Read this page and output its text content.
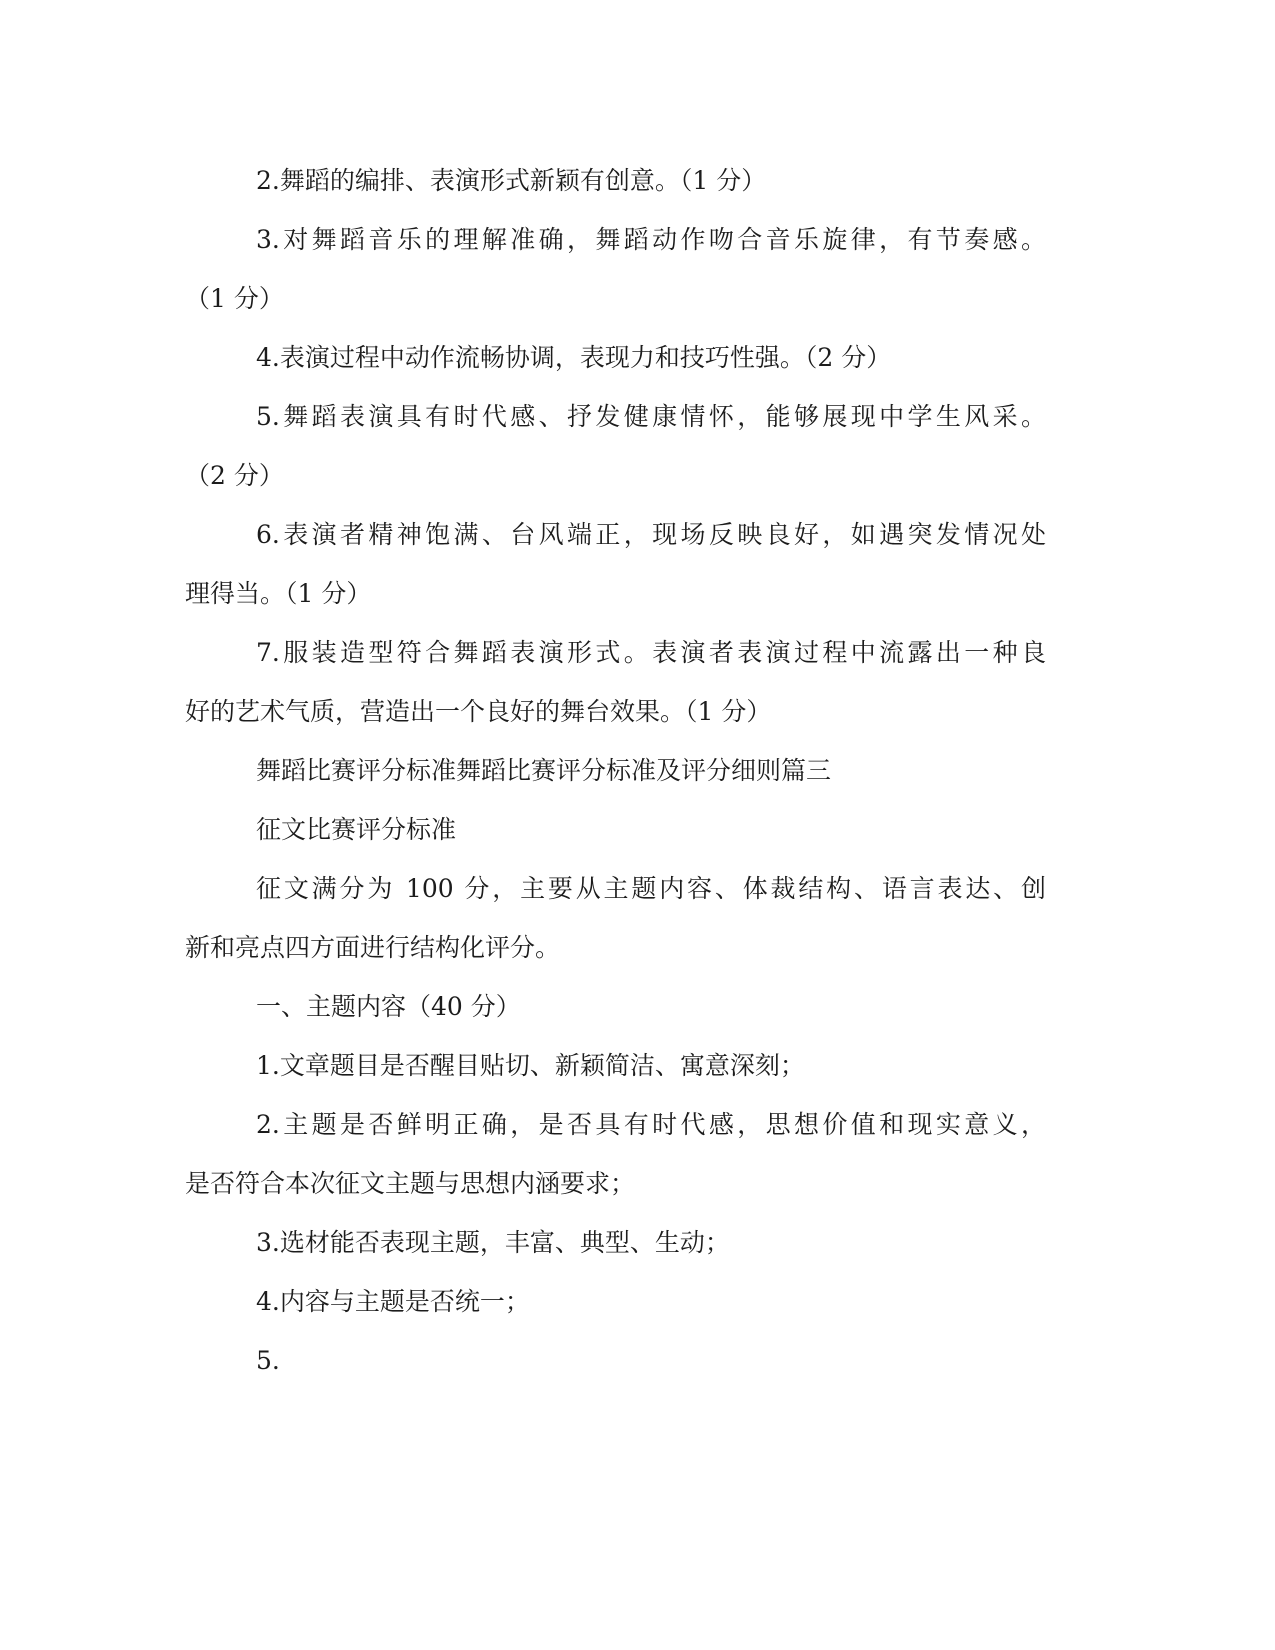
2.舞蹈的编排、表演形式新颖有创意。（1 分）
3.对舞蹈音乐的理解准确，舞蹈动作吻合音乐旋律，有节奏感。
（1 分）
4.表演过程中动作流畅协调，表现力和技巧性强。（2 分）
5.舞蹈表演具有时代感、抒发健康情怀，能够展现中学生风采。
（2 分）
6.表演者精神饱满、台风端正，现场反映良好，如遇突发情况处
理得当。（1 分）
7.服装造型符合舞蹈表演形式。表演者表演过程中流露出一种良
好的艺术气质，营造出一个良好的舞台效果。（1 分）
舞蹈比赛评分标准舞蹈比赛评分标准及评分细则篇三
征文比赛评分标准
征文满分为 100 分，主要从主题内容、体裁结构、语言表达、创
新和亮点四方面进行结构化评分。
一、主题内容（40 分）
1.文章题目是否醒目贴切、新颖简洁、寓意深刻；
2.主题是否鲜明正确，是否具有时代感，思想价值和现实意义，
是否符合本次征文主题与思想内涵要求；
3.选材能否表现主题，丰富、典型、生动；
4.内容与主题是否统一；
5.
